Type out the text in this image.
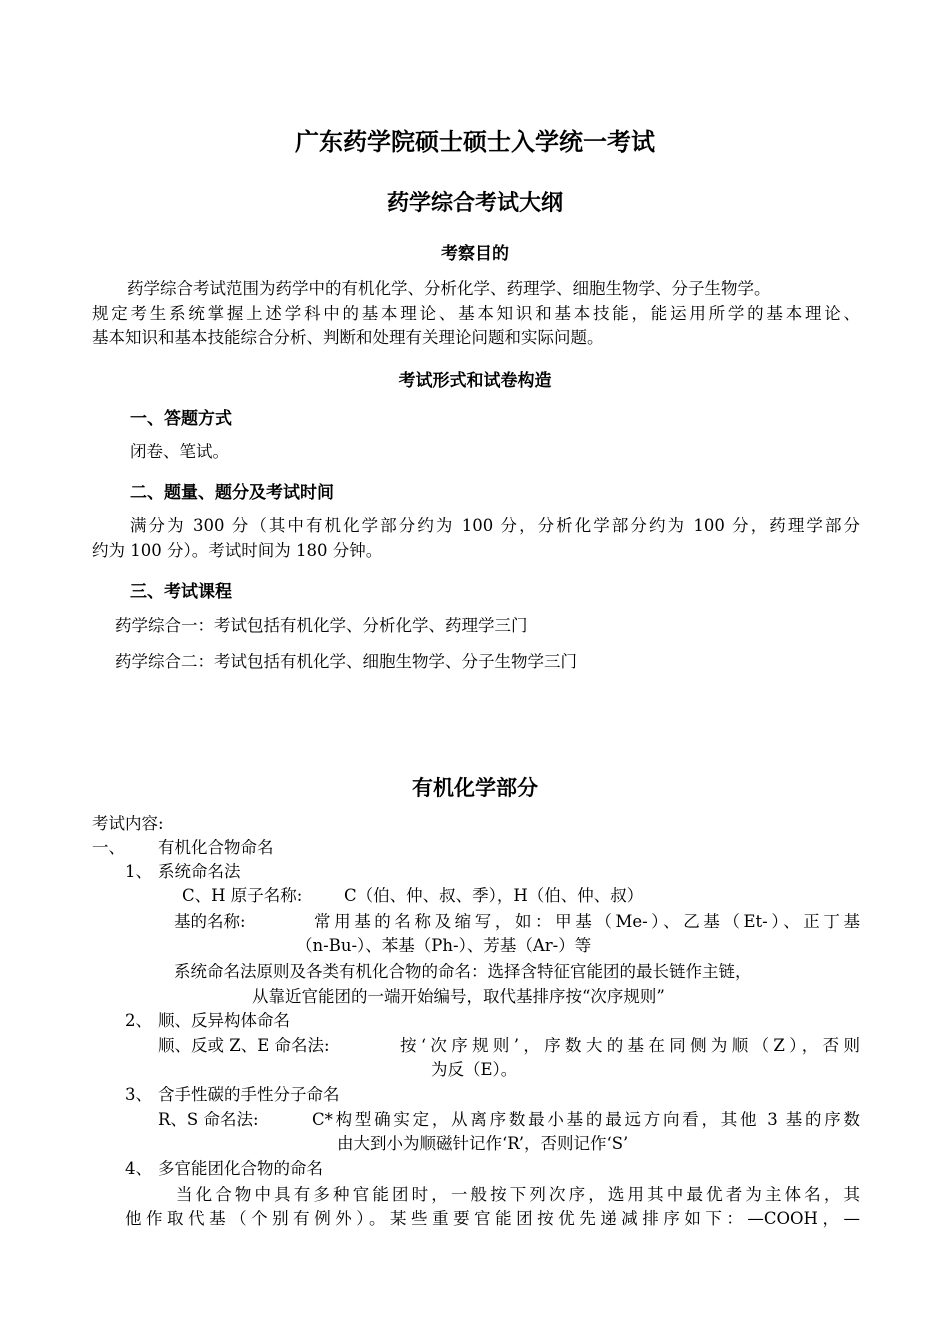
广东药学院硕士硕士入学统一考试
药学综合考试大纲
考察目的
药学综合考试范围为药学中的有机化学、分析化学、药理学、细胞生物学、分子生物学。
规定考生系统掌握上述学科中的基本理论、基本知识和基本技能，能运用所学的基本理论、
基本知识和基本技能综合分析、判断和处理有关理论问题和实际问题。
考试形式和试卷构造
一、答题方式
闭卷、笔试。
二、题量、题分及考试时间
满分为 300 分（其中有机化学部分约为 100 分，分析化学部分约为 100 分，药理学部分
约为 100 分）。考试时间为 180 分钟。
三、考试课程
药学综合一：考试包括有机化学、分析化学、药理学三门
药学综合二：考试包括有机化学、细胞生物学、分子生物学三门
有机化学部分
考试内容:
一、 有机化合物命名
1、 系统命名法
C、H 原子名称:	C（伯、仲、叔、季），H（伯、仲、叔）
基的名称:	常用基的名称及缩写，如：甲基（Me-）、乙基（Et-）、正丁基
（n-Bu-）、苯基（Ph-）、芳基（Ar-）等
系统命名法原则及各类有机化合物的命名：选择含特征官能团的最长链作主链，
从靠近官能团的一端开始编号，取代基排序按“次序规则”
2、 顺、反异构体命名
顺、反或 Z、E 命名法:	按‘次序规则’，序数大的基在同侧为顺（Z），否则
为反（E）。
3、 含手性碳的手性分子命名
R、S 命名法:	C*构型确实定，从离序数最小基的最远方向看，其他 3 基的序数
由大到小为顺磁针记作‘R’，否则记作‘S’
4、 多官能团化合物的命名
当化合物中具有多种官能团时，一般按下列次序，选用其中最优者为主体名，其
他作取代基（个别有例外）。某些重要官能团按优先递减排序如下：—COOH，—
